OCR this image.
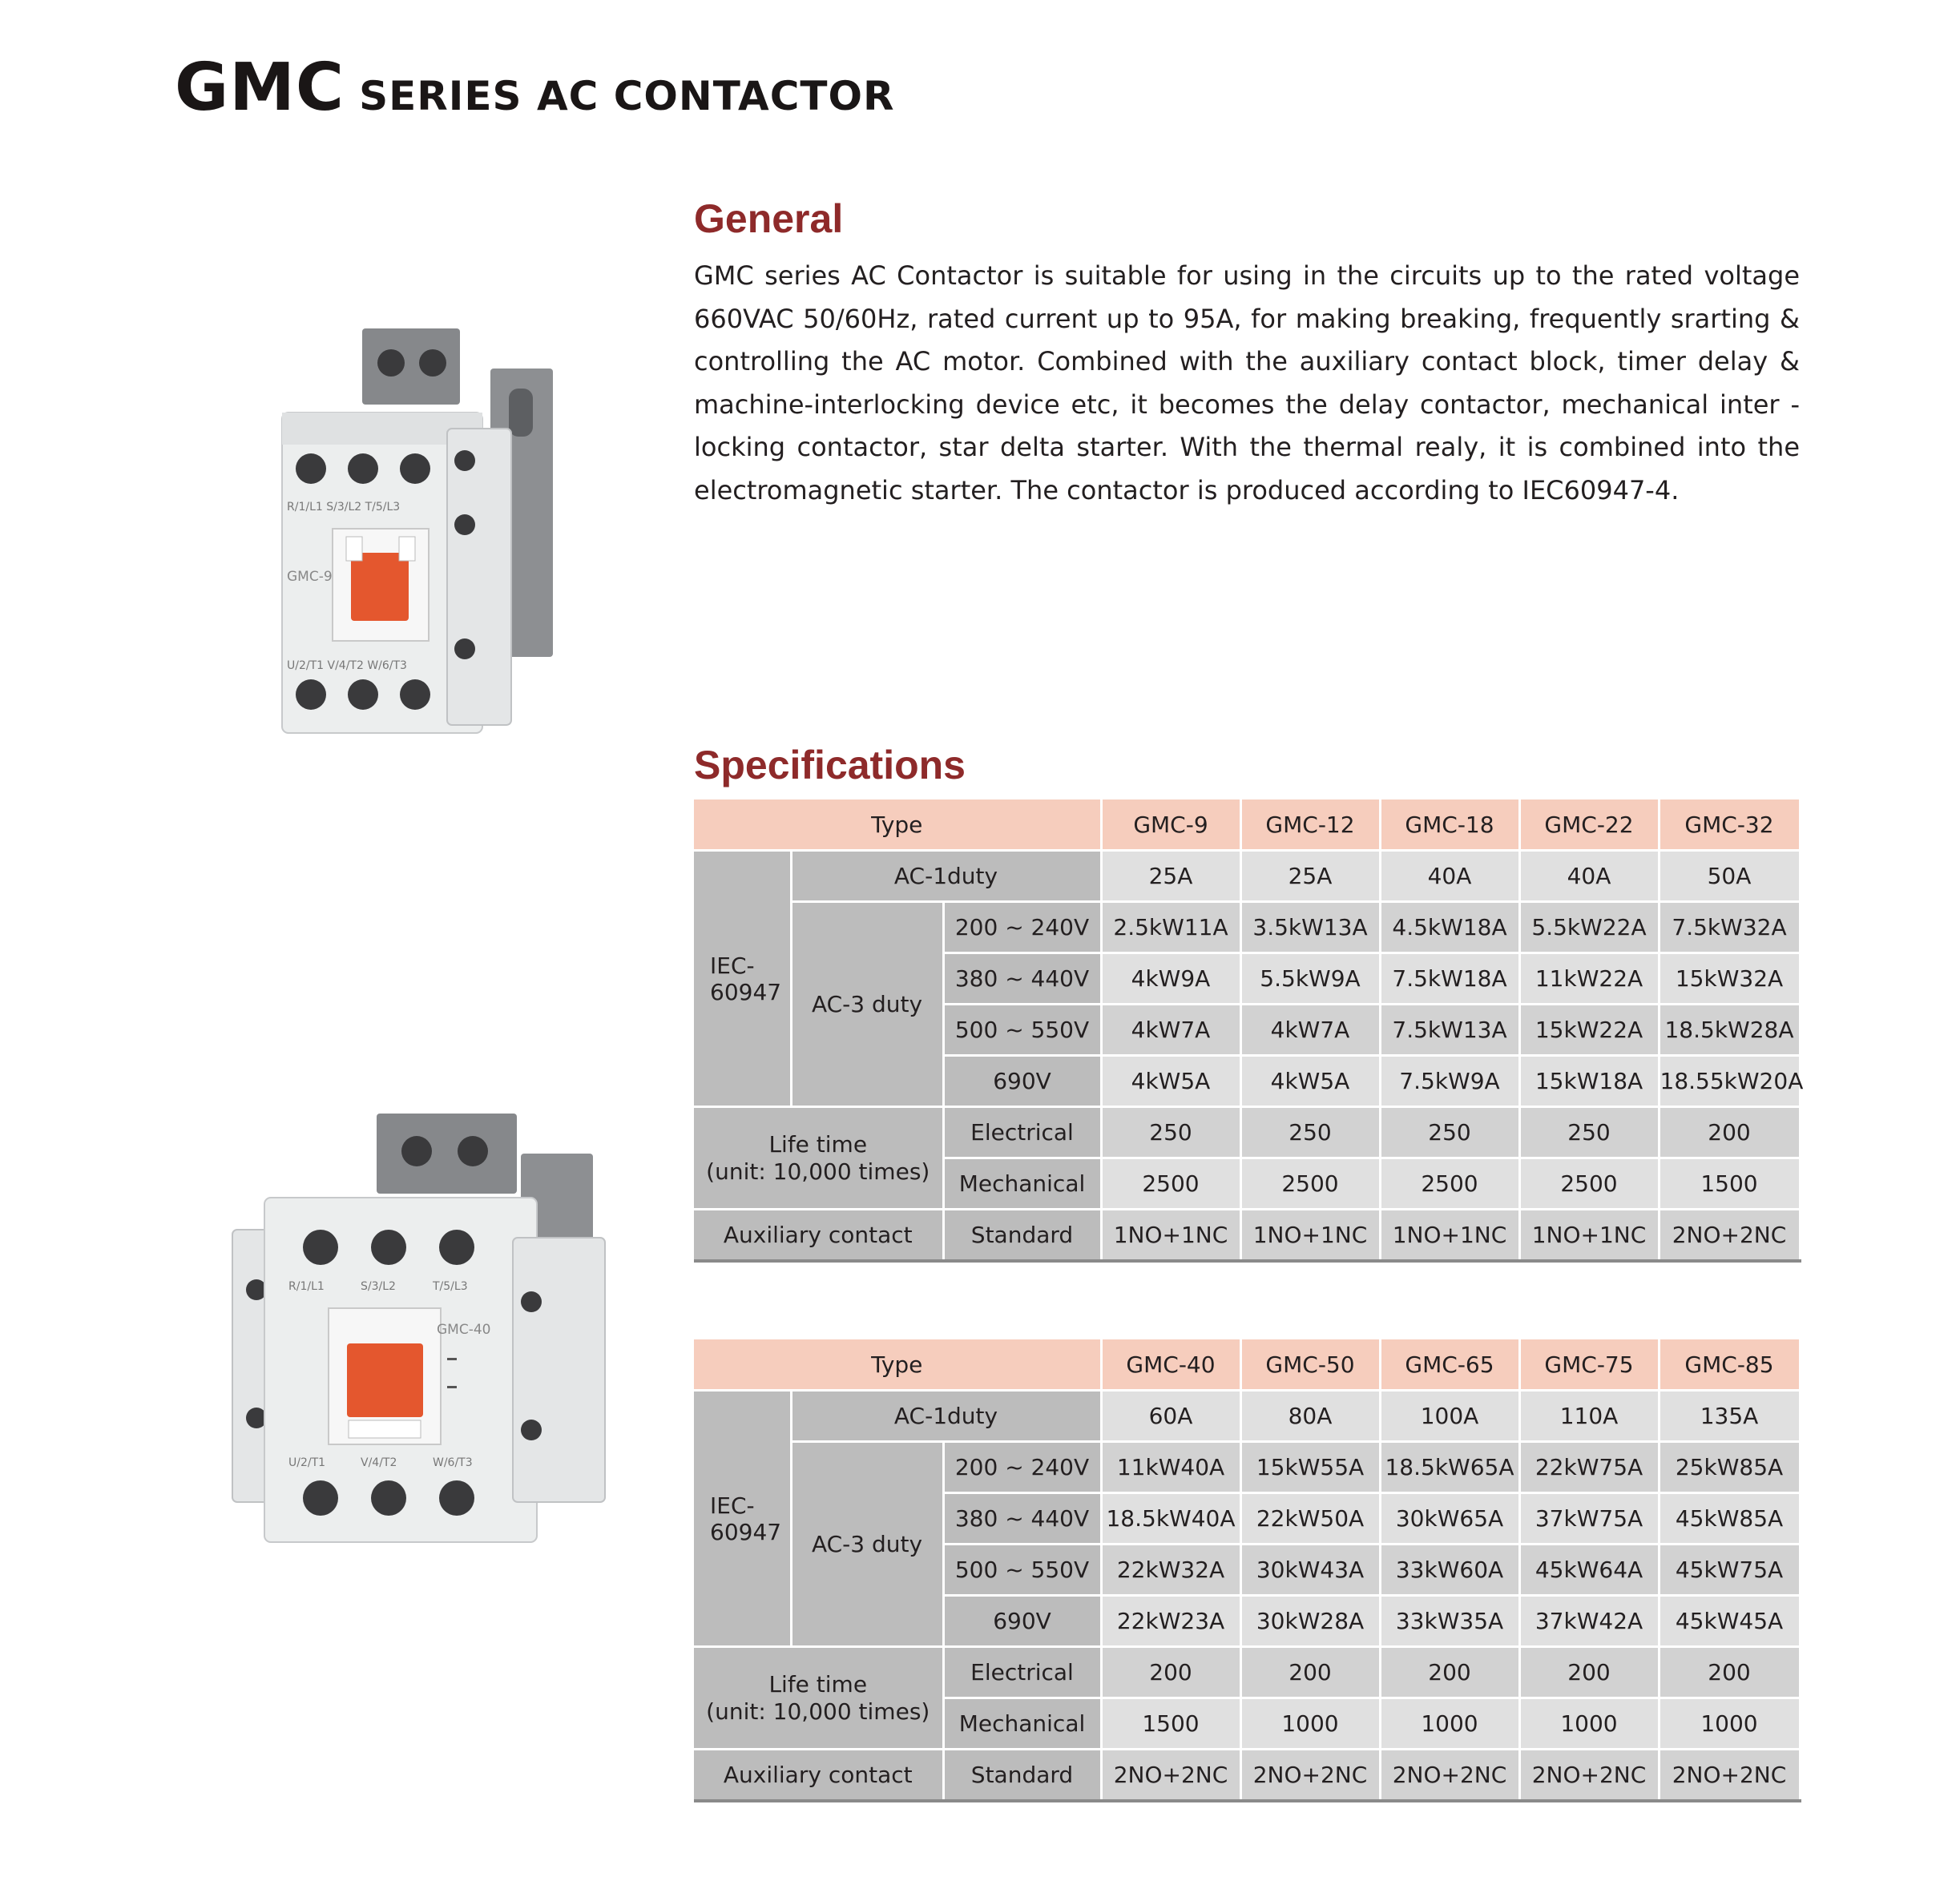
GMC SERIES AC CONTACTOR
General
GMC series AC Contactor is suitable for using in the circuits up to the rated voltage 660VAC 50/60Hz, rated current up to 95A, for making breaking, frequently srarting & controlling the AC motor. Combined with the auxiliary contact block, timer delay & machine-interlocking device etc, it becomes the delay contactor, mechanical inter -locking contactor, star delta starter. With the thermal realy, it is combined into the electromagnetic starter. The contactor is produced according to IEC60947-4.
R/1/L1 S/3/L2 T/5/L3
GMC-9
U/2/T1 V/4/T2 W/6/T3
R/1/L1	S/3/L2	T/5/L3
GMC-40
U/2/T1	V/4/T2	W/6/T3
Specifications
Type			GMC-9	GMC-12	GMC-18	GMC-22	GMC-32
IEC-
60947	AC-1duty		25A	25A	40A	40A	50A
	AC-3 duty	200 ~ 240V	2.5kW11A	3.5kW13A	4.5kW18A	5.5kW22A	7.5kW32A
		380 ~ 440V	4kW9A	5.5kW9A	7.5kW18A	11kW22A	15kW32A
		500 ~ 550V	4kW7A	4kW7A	7.5kW13A	15kW22A	18.5kW28A
		690V	4kW5A	4kW5A	7.5kW9A	15kW18A	18.55kW20A

Life time
(unit: 10,000 times)		Electrical	250	250	250	250	200
		Mechanical	2500	2500	2500	2500	1500
Auxiliary contact		Standard	1NO+1NC	1NO+1NC	1NO+1NC	1NO+1NC	2NO+2NC
Type			GMC-40	GMC-50	GMC-65	GMC-75	GMC-85
IEC-
60947	AC-1duty		60A	80A	100A	110A	135A
	AC-3 duty	200 ~ 240V	11kW40A	15kW55A	18.5kW65A	22kW75A	25kW85A
		380 ~ 440V	18.5kW40A	22kW50A	30kW65A	37kW75A	45kW85A
		500 ~ 550V	22kW32A	30kW43A	33kW60A	45kW64A	45kW75A
		690V	22kW23A	30kW28A	33kW35A	37kW42A	45kW45A

Life time
(unit: 10,000 times)		Electrical	200	200	200	200	200
		Mechanical	1500	1000	1000	1000	1000
Auxiliary contact		Standard	2NO+2NC	2NO+2NC	2NO+2NC	2NO+2NC	2NO+2NC
